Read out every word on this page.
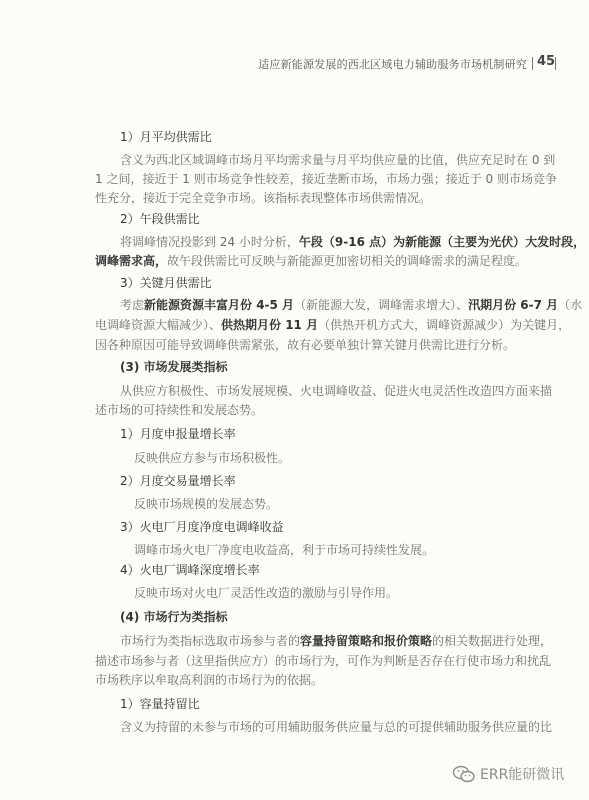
适应新能源发展的西北区域电力辅助服务市场机制研究 45
1）月平均供需比
含义为西北区域调峰市场月平均需求量与月平均供应量的比值，供应充足时在 0 到
1 之间，接近于 1 则市场竞争性较差，接近垄断市场，市场力强；接近于 0 则市场竞争
性充分，接近于完全竞争市场。该指标表现整体市场供需情况。
2）午段供需比
将调峰情况投影到 24 小时分析，午段（9-16 点）为新能源（主要为光伏）大发时段，
调峰需求高，故午段供需比可反映与新能源更加密切相关的调峰需求的满足程度。
3）关键月供需比
考虑新能源资源丰富月份 4-5 月（新能源大发，调峰需求增大）、汛期月份 6-7 月（水
电调峰资源大幅减少）、供热期月份 11 月（供热开机方式大，调峰资源减少）为关键月，
因各种原因可能导致调峰供需紧张，故有必要单独计算关键月供需比进行分析。
(3) 市场发展类指标
从供应方积极性、市场发展规模、火电调峰收益、促进火电灵活性改造四方面来描
述市场的可持续性和发展态势。
1）月度申报量增长率
反映供应方参与市场积极性。
2）月度交易量增长率
反映市场规模的发展态势。
3）火电厂月度净度电调峰收益
调峰市场火电厂净度电收益高，利于市场可持续性发展。
4）火电厂调峰深度增长率
反映市场对火电厂灵活性改造的激励与引导作用。
(4) 市场行为类指标
市场行为类指标选取市场参与者的容量持留策略和报价策略的相关数据进行处理，
描述市场参与者（这里指供应方）的市场行为，可作为判断是否存在行使市场力和扰乱
市场秩序以牟取高利润的市场行为的依据。
1）容量持留比
含义为持留的未参与市场的可用辅助服务供应量与总的可提供辅助服务供应量的比
ERR能研微讯
